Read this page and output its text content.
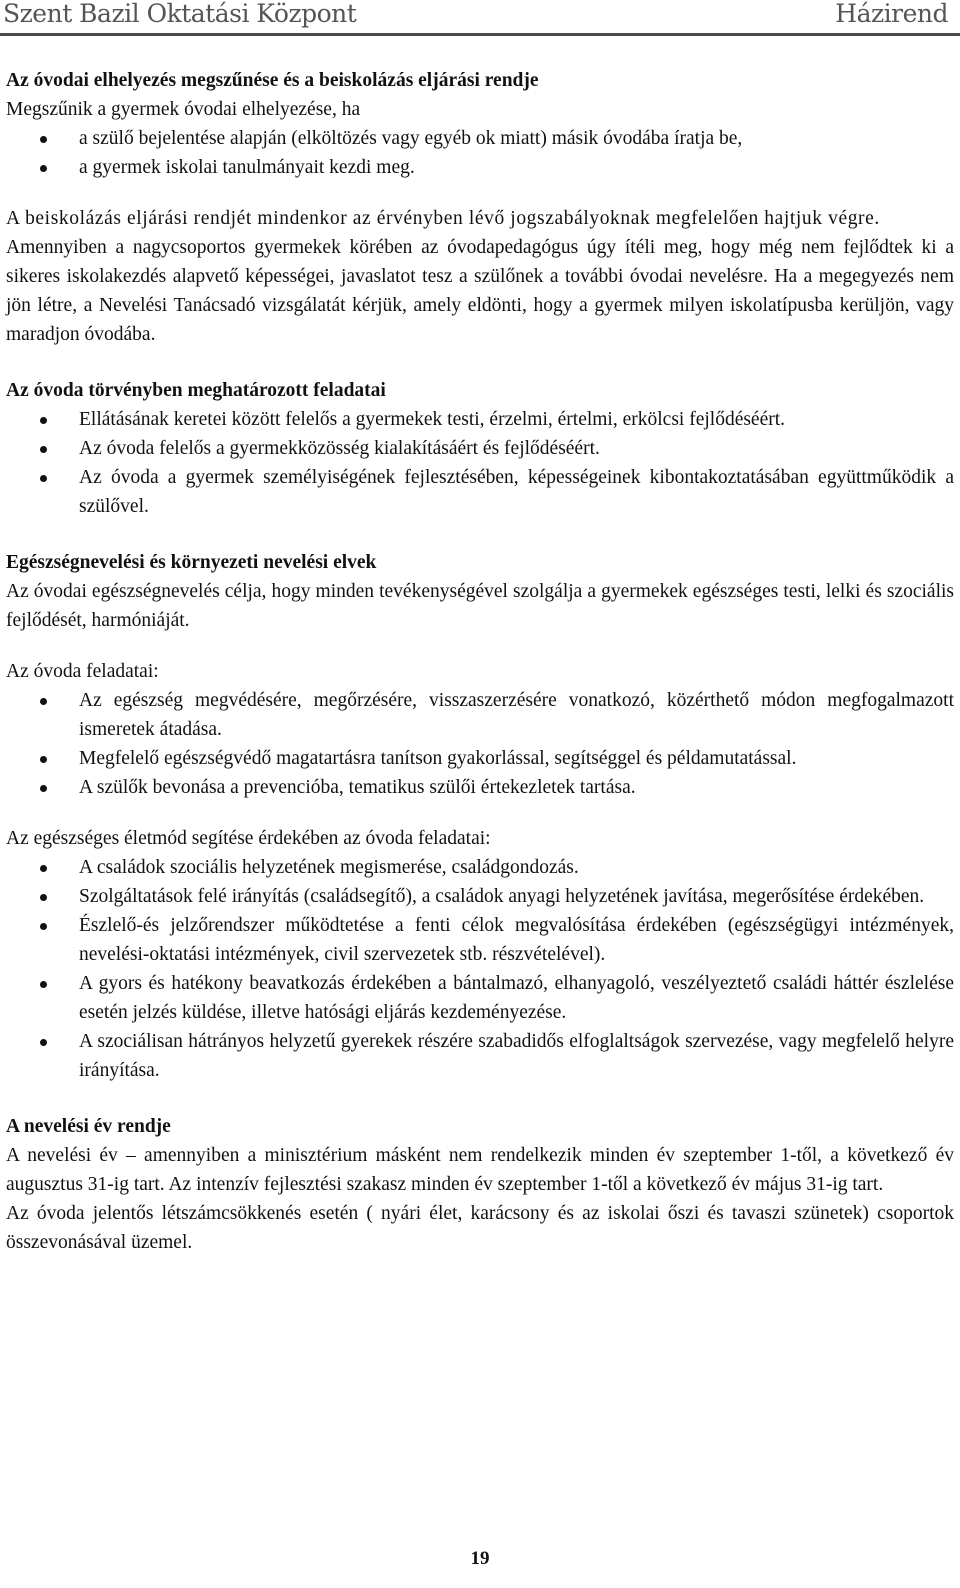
Szent Bazil Oktatási Központ	Házirend

Az óvodai elhelyezés megszűnése és a beiskolázás eljárási rendje

Megszűnik a gyermek óvodai elhelyezése, ha

a szülő bejelentése alapján (elköltözés vagy egyéb ok miatt) másik óvodába íratja be,
a gyermek iskolai tanulmányait kezdi meg.

A beiskolázás eljárási rendjét mindenkor az érvényben lévő jogszabályoknak megfelelően hajtjuk végre.

Amennyiben a nagycsoportos gyermekek körében az óvodapedagógus úgy ítéli meg, hogy még nem fejlődtek ki a sikeres iskolakezdés alapvető képességei, javaslatot tesz a szülőnek a további óvodai nevelésre. Ha a megegyezés nem jön létre, a Nevelési Tanácsadó vizsgálatát kérjük, amely eldönti, hogy a gyermek milyen iskolatípusba kerüljön, vagy maradjon óvodába.

Az óvoda törvényben meghatározott feladatai

Ellátásának keretei között felelős a gyermekek testi, érzelmi, értelmi, erkölcsi fejlődéséért.
Az óvoda felelős a gyermekközösség kialakításáért és fejlődéséért.
Az óvoda a gyermek személyiségének fejlesztésében, képességeinek kibontakoztatásában együttműködik a szülővel.

Egészségnevelési és környezeti nevelési elvek

Az óvodai egészségnevelés célja, hogy minden tevékenységével szolgálja a gyermekek egészséges testi, lelki és szociális fejlődését, harmóniáját.

Az óvoda feladatai:

Az egészség megvédésére, megőrzésére, visszaszerzésére vonatkozó, közérthető módon megfogalmazott ismeretek átadása.
Megfelelő egészségvédő magatartásra tanítson gyakorlással, segítséggel és példamutatással.
A szülők bevonása a prevencióba, tematikus szülői értekezletek tartása.

Az egészséges életmód segítése érdekében az óvoda feladatai:

A családok szociális helyzetének megismerése, családgondozás.
Szolgáltatások felé irányítás (családsegítő), a családok anyagi helyzetének javítása, megerősítése érdekében.
Észlelő-és jelzőrendszer működtetése a fenti célok megvalósítása érdekében (egészségügyi intézmények, nevelési-oktatási intézmények, civil szervezetek stb. részvételével).
A gyors és hatékony beavatkozás érdekében a bántalmazó, elhanyagoló, veszélyeztető családi háttér észlelése esetén jelzés küldése, illetve hatósági eljárás kezdeményezése.
A szociálisan hátrányos helyzetű gyerekek részére szabadidős elfoglaltságok szervezése, vagy megfelelő helyre irányítása.

A nevelési év rendje

A nevelési év – amennyiben a minisztérium másként nem rendelkezik minden év szeptember 1-től, a következő év augusztus 31-ig tart. Az intenzív fejlesztési szakasz minden év szeptember 1-től a következő év május 31-ig tart.

Az óvoda jelentős létszámcsökkenés esetén ( nyári élet, karácsony és az iskolai őszi és tavaszi szünetek) csoportok összevonásával üzemel.

19
